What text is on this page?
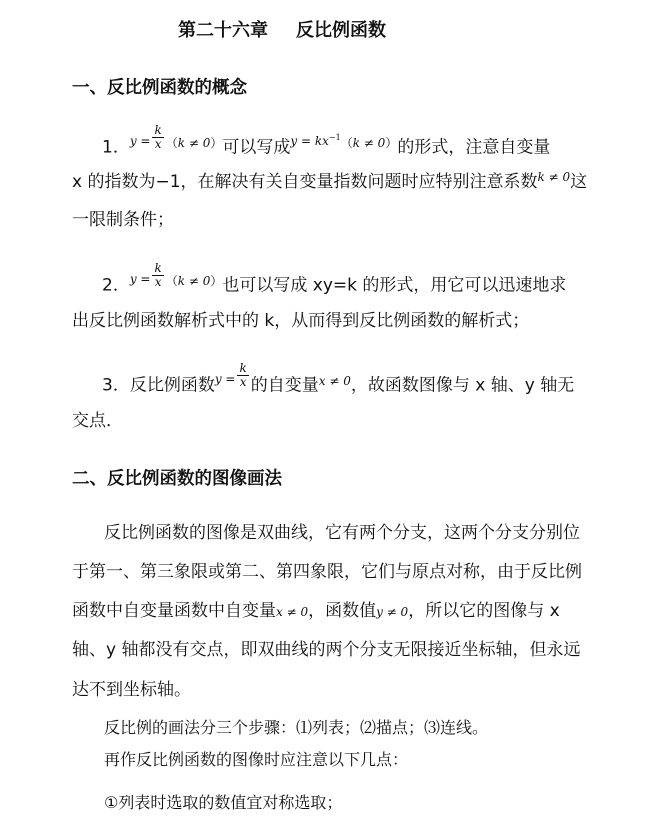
第二十六章 反比例函数
一、反比例函数的概念
1．$^{y =} \frac{k}{x} ^{(k \ne 0)}$可以写成$^{y = kx^{-1}(k \ne 0)}$的形式，注意自变量
x 的指数为−1，在解决有关自变量指数问题时应特别注意系数$^{k \ne 0}$这
一限制条件；
2．$^{y =} \frac{k}{x} ^{(k \ne 0)}$也可以写成 xy=k 的形式，用它可以迅速地求
出反比例函数解析式中的 k，从而得到反比例函数的解析式；
3．反比例函数$^{y =} \frac{k}{x}$ 的自变量$^{x \ne 0}$，故函数图像与 x 轴、y 轴无
交点．
二、反比例函数的图像画法
反比例函数的图像是双曲线，它有两个分支，这两个分支分别位
于第一、第三象限或第二、第四象限，它们与原点对称，由于反比例
函数中自变量函数中自变量x ≠ 0，函数值y ≠ 0，所以它的图像与 x
轴、y 轴都没有交点，即双曲线的两个分支无限接近坐标轴，但永远
达不到坐标轴。
反比例的画法分三个步骤：⑴列表；⑵描点；⑶连线。
再作反比例函数的图像时应注意以下几点：
①列表时选取的数值宜对称选取；
